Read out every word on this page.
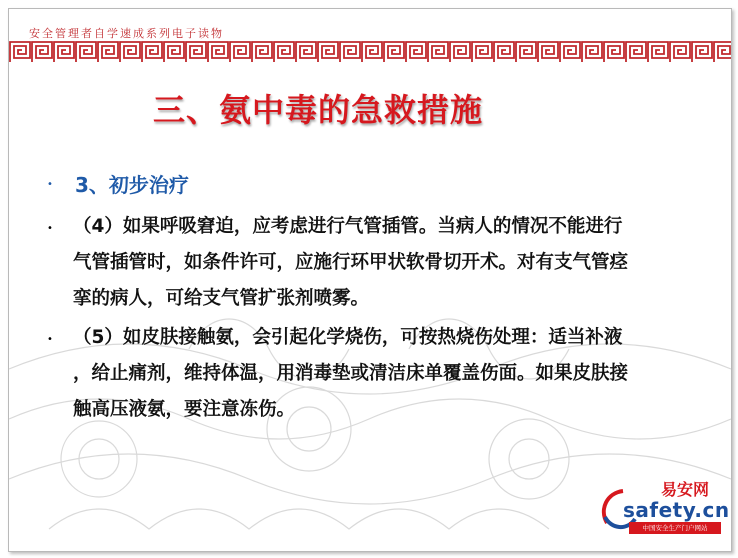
安全管理者自学速成系列电子读物
三、氨中毒的急救措施
• 3、初步治疗
• （4）如果呼吸窘迫，应考虑进行气管插管。当病人的情况不能进行
气管插管时，如条件许可，应施行环甲状软骨切开术。对有支气管痉
挛的病人，可给支气管扩张剂喷雾。
• （5）如皮肤接触氨，会引起化学烧伤，可按热烧伤处理：适当补液
，给止痛剂，维持体温，用消毒垫或清洁床单覆盖伤面。如果皮肤接
触高压液氨，要注意冻伤。
易安网
safety.cn
中国安全生产门户网站
